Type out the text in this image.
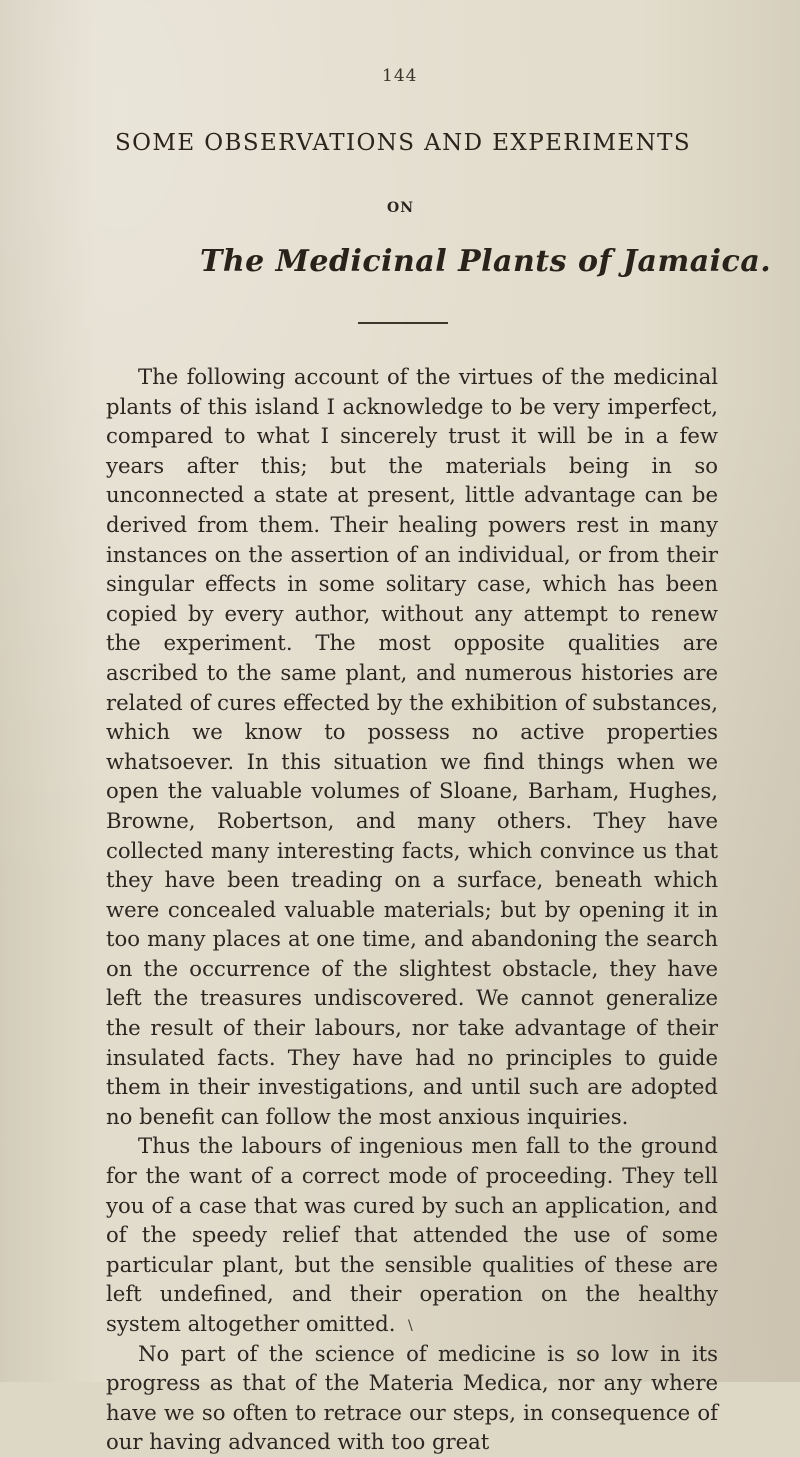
144
SOME OBSERVATIONS AND EXPERIMENTS
ON
The Medicinal Plants of Jamaica.

The following account of the virtues of the medicinal plants of this island I acknowledge to be very imperfect, compared to what I sincerely trust it will be in a few years after this; but the materials being in so unconnected a state at present, little advantage can be derived from them. Their healing powers rest in many instances on the assertion of an individual, or from their singular effects in some solitary case, which has been copied by every author, without any attempt to renew the experiment. The most opposite qualities are ascribed to the same plant, and numerous histories are related of cures effected by the exhibition of substances, which we know to possess no active properties whatsoever. In this situation we find things when we open the valuable volumes of Sloane, Barham, Hughes, Browne, Robertson, and many others. They have collected many interesting facts, which convince us that they have been treading on a surface, beneath which were concealed valuable materials; but by opening it in too many places at one time, and abandoning the search on the occurrence of the slightest obstacle, they have left the treasures undiscovered. We cannot generalize the result of their labours, nor take advantage of their insulated facts. They have had no principles to guide them in their investigations, and until such are adopted no benefit can follow the most anxious inquiries.

Thus the labours of ingenious men fall to the ground for the want of a correct mode of proceeding. They tell you of a case that was cured by such an application, and of the speedy relief that attended the use of some particular plant, but the sensible qualities of these are left undefined, and their operation on the healthy system altogether omitted.

No part of the science of medicine is so low in its progress as that of the Materia Medica, nor any where have we so often to retrace our steps, in consequence of our having advanced with too great

\
